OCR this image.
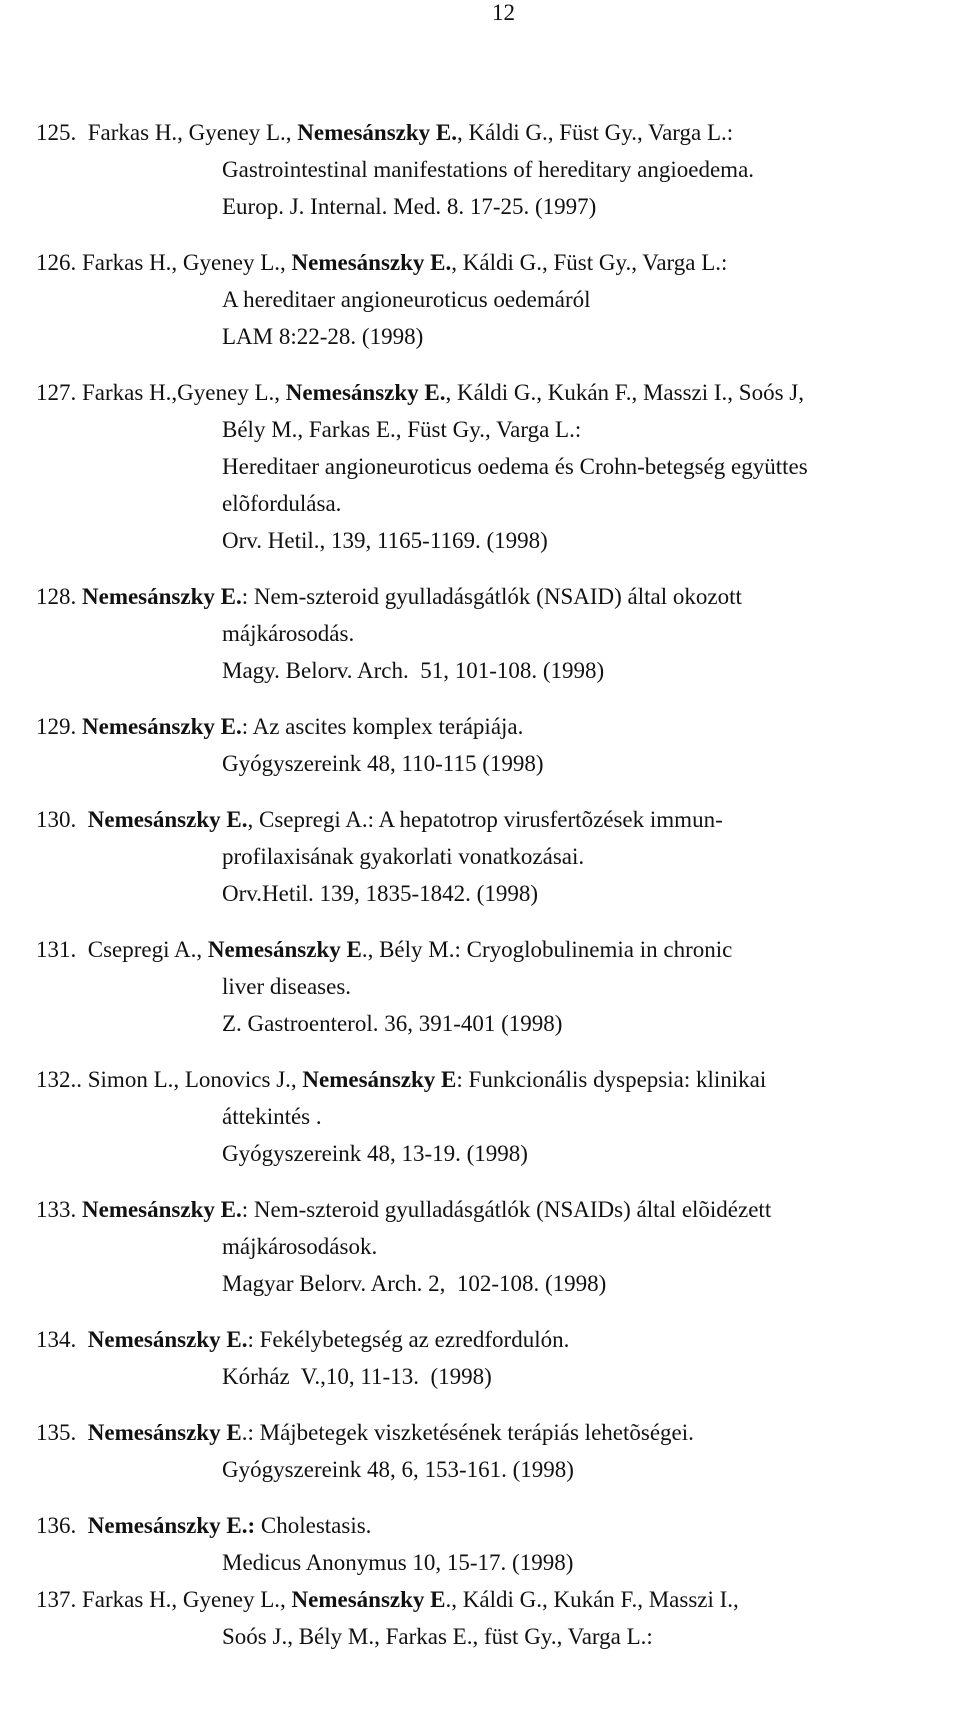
12
125.  Farkas H., Gyeney L., Nemesánszky E., Káldi G., Füst Gy., Varga L.:
Gastrointestinal manifestations of hereditary angioedema.
Europ. J. Internal. Med. 8. 17-25. (1997)
126. Farkas H., Gyeney L., Nemesánszky E., Káldi G., Füst Gy., Varga L.:
A hereditaer angioneuroticus oedemáról
LAM 8:22-28. (1998)
127. Farkas H.,Gyeney L., Nemesánszky E., Káldi G., Kukán F., Masszi I., Soós J,
Bély M., Farkas E., Füst Gy., Varga L.:
Hereditaer angioneuroticus oedema és Crohn-betegség együttes
elõfordulása.
Orv. Hetil., 139, 1165-1169. (1998)
128. Nemesánszky E.: Nem-szteroid gyulladásgátlók (NSAID) által okozott
májkárosodás.
Magy. Belorv. Arch.  51, 101-108. (1998)
129. Nemesánszky E.: Az ascites komplex terápiája.
Gyógyszereink 48, 110-115 (1998)
130.  Nemesánszky E., Csepregi A.: A hepatotrop virusfertõzések immun-
profilaxisának gyakorlati vonatkozásai.
Orv.Hetil. 139, 1835-1842. (1998)
131.  Csepregi A., Nemesánszky E., Bély M.: Cryoglobulinemia in chronic
liver diseases.
Z. Gastroenterol. 36, 391-401 (1998)
132.. Simon L., Lonovics J., Nemesánszky E: Funkcionális dyspepsia: klinikai
áttekintés .
Gyógyszereink 48, 13-19. (1998)
133. Nemesánszky E.: Nem-szteroid gyulladásgátlók (NSAIDs) által elõidézett
májkárosodások.
Magyar Belorv. Arch. 2,  102-108. (1998)
134.  Nemesánszky E.: Fekélybetegség az ezredfordulón.
Kórház  V.,10, 11-13.  (1998)
135.  Nemesánszky E.: Májbetegek viszketésének terápiás lehetõségei.
Gyógyszereink 48, 6, 153-161. (1998)
136.  Nemesánszky E.: Cholestasis.
Medicus Anonymus 10, 15-17. (1998)
137. Farkas H., Gyeney L., Nemesánszky E., Káldi G., Kukán F., Masszi I.,
Soós J., Bély M., Farkas E., füst Gy., Varga L.:
